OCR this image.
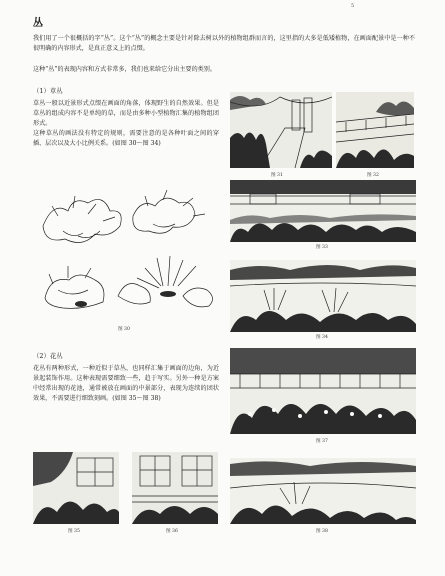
5
丛
我们用了一个很概括的字“丛”。这个“丛”的概念主要是针对除去树以外的植物组群而言的，这里指的大多是低矮植物，在画面配景中是一种不很明确的内容形式，是真正意义上的点缀。
这种“丛”的表现内容和方式非常多，我们也来给它分出主要的类别。
（1）草丛
草丛一般以近景形式点缀在画面的角落，体现野生的自然效果。但是草丛的组成内容不是单纯的草，而是由多种小型植物汇集的植物组团形式。
这种草丛的画法没有特定的规则，需要注意的是各种叶面之间的穿插、层次以及大小比例关系。(如图 30～图 34)
图 30
图 31	图 32
图 33
图 34
（2）花丛
花丛有两种形式，一种近似于草丛，也同样汇集于画面的边角，为近景起装饰作用。这种表现需要细致一些，趋于写实。另外一种是方案中经常出现的花池，通常被放在画面的中景部分，表现为连续的团状效果，不需要进行细致刻画。(如图 35～图 38)
图 37
图 38
图 35	图 36
